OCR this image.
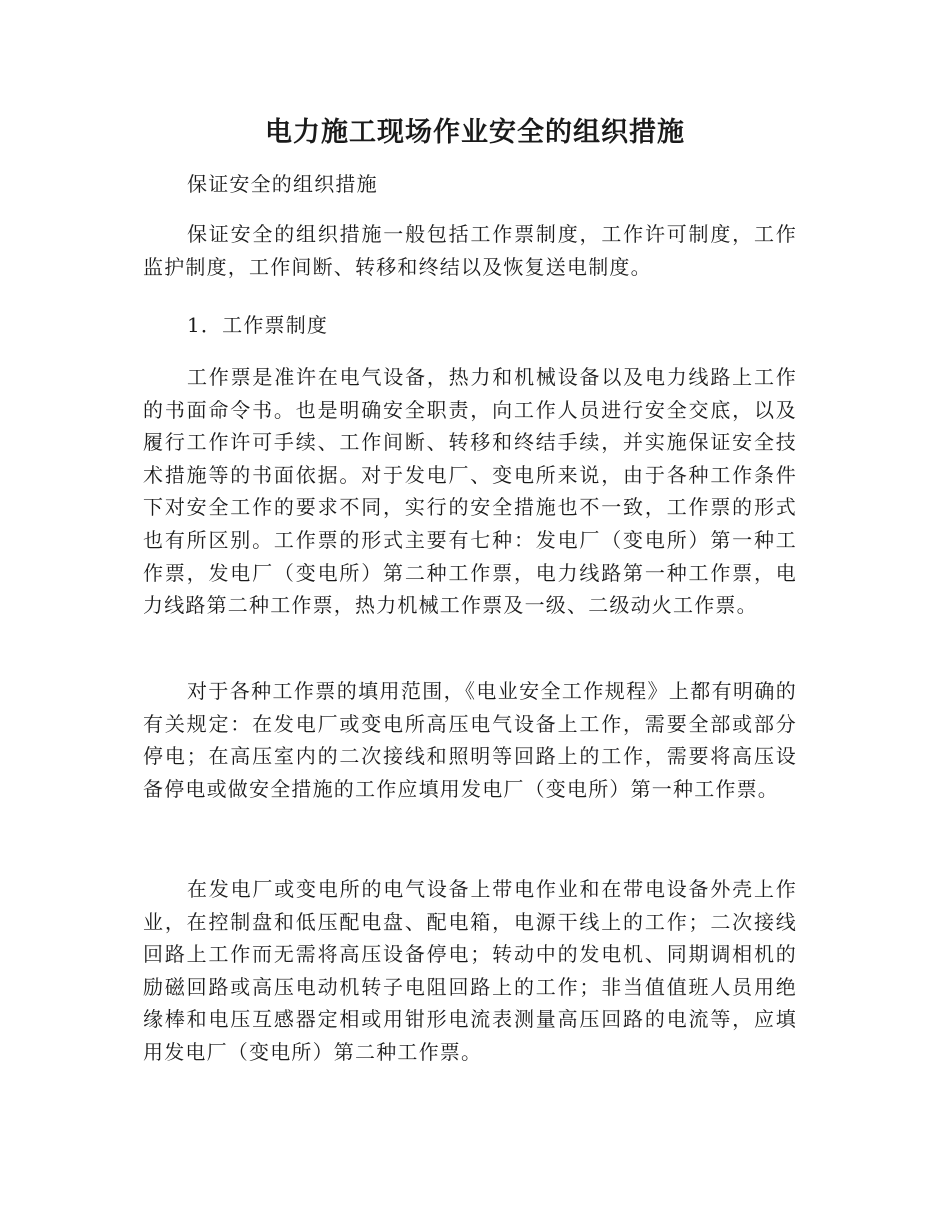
电力施工现场作业安全的组织措施

保证安全的组织措施

保证安全的组织措施一般包括工作票制度，工作许可制度，工作监护制度，工作间断、转移和终结以及恢复送电制度。

1．工作票制度

工作票是准许在电气设备，热力和机械设备以及电力线路上工作的书面命令书。也是明确安全职责，向工作人员进行安全交底，以及履行工作许可手续、工作间断、转移和终结手续，并实施保证安全技术措施等的书面依据。对于发电厂、变电所来说，由于各种工作条件下对安全工作的要求不同，实行的安全措施也不一致，工作票的形式也有所区别。工作票的形式主要有七种：发电厂（变电所）第一种工作票，发电厂（变电所）第二种工作票，电力线路第一种工作票，电力线路第二种工作票，热力机械工作票及一级、二级动火工作票。

对于各种工作票的填用范围，《电业安全工作规程》上都有明确的有关规定：在发电厂或变电所高压电气设备上工作，需要全部或部分停电；在高压室内的二次接线和照明等回路上的工作，需要将高压设备停电或做安全措施的工作应填用发电厂（变电所）第一种工作票。

在发电厂或变电所的电气设备上带电作业和在带电设备外壳上作业，在控制盘和低压配电盘、配电箱，电源干线上的工作；二次接线回路上工作而无需将高压设备停电；转动中的发电机、同期调相机的励磁回路或高压电动机转子电阻回路上的工作；非当值值班人员用绝缘棒和电压互感器定相或用钳形电流表测量高压回路的电流等，应填用发电厂（变电所）第二种工作票。
